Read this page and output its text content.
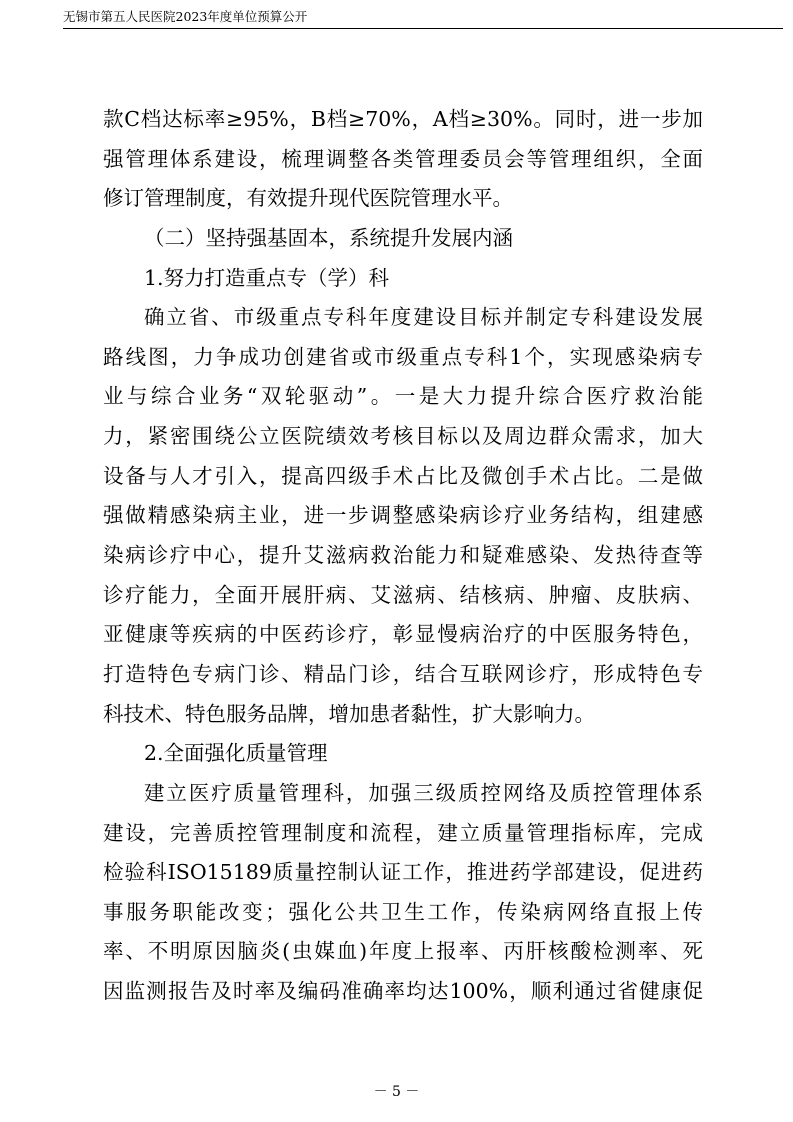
无锡市第五人民医院2023年度单位预算公开
款C档达标率≥95%，B档≥70%，A档≥30%。同时，进一步加
强管理体系建设，梳理调整各类管理委员会等管理组织，全面
修订管理制度，有效提升现代医院管理水平。
（二）坚持强基固本，系统提升发展内涵
1.努力打造重点专（学）科
确立省、市级重点专科年度建设目标并制定专科建设发展
路线图，力争成功创建省或市级重点专科1个，实现感染病专
业与综合业务“双轮驱动”。一是大力提升综合医疗救治能
力，紧密围绕公立医院绩效考核目标以及周边群众需求，加大
设备与人才引入，提高四级手术占比及微创手术占比。二是做
强做精感染病主业，进一步调整感染病诊疗业务结构，组建感
染病诊疗中心，提升艾滋病救治能力和疑难感染、发热待查等
诊疗能力，全面开展肝病、艾滋病、结核病、肿瘤、皮肤病、
亚健康等疾病的中医药诊疗，彰显慢病治疗的中医服务特色，
打造特色专病门诊、精品门诊，结合互联网诊疗，形成特色专
科技术、特色服务品牌，增加患者黏性，扩大影响力。
2.全面强化质量管理
建立医疗质量管理科，加强三级质控网络及质控管理体系
建设，完善质控管理制度和流程，建立质量管理指标库，完成
检验科ISO15189质量控制认证工作，推进药学部建设，促进药
事服务职能改变；强化公共卫生工作，传染病网络直报上传
率、不明原因脑炎(虫媒血)年度上报率、丙肝核酸检测率、死
因监测报告及时率及编码准确率均达100%，顺利通过省健康促
－ 5 －
